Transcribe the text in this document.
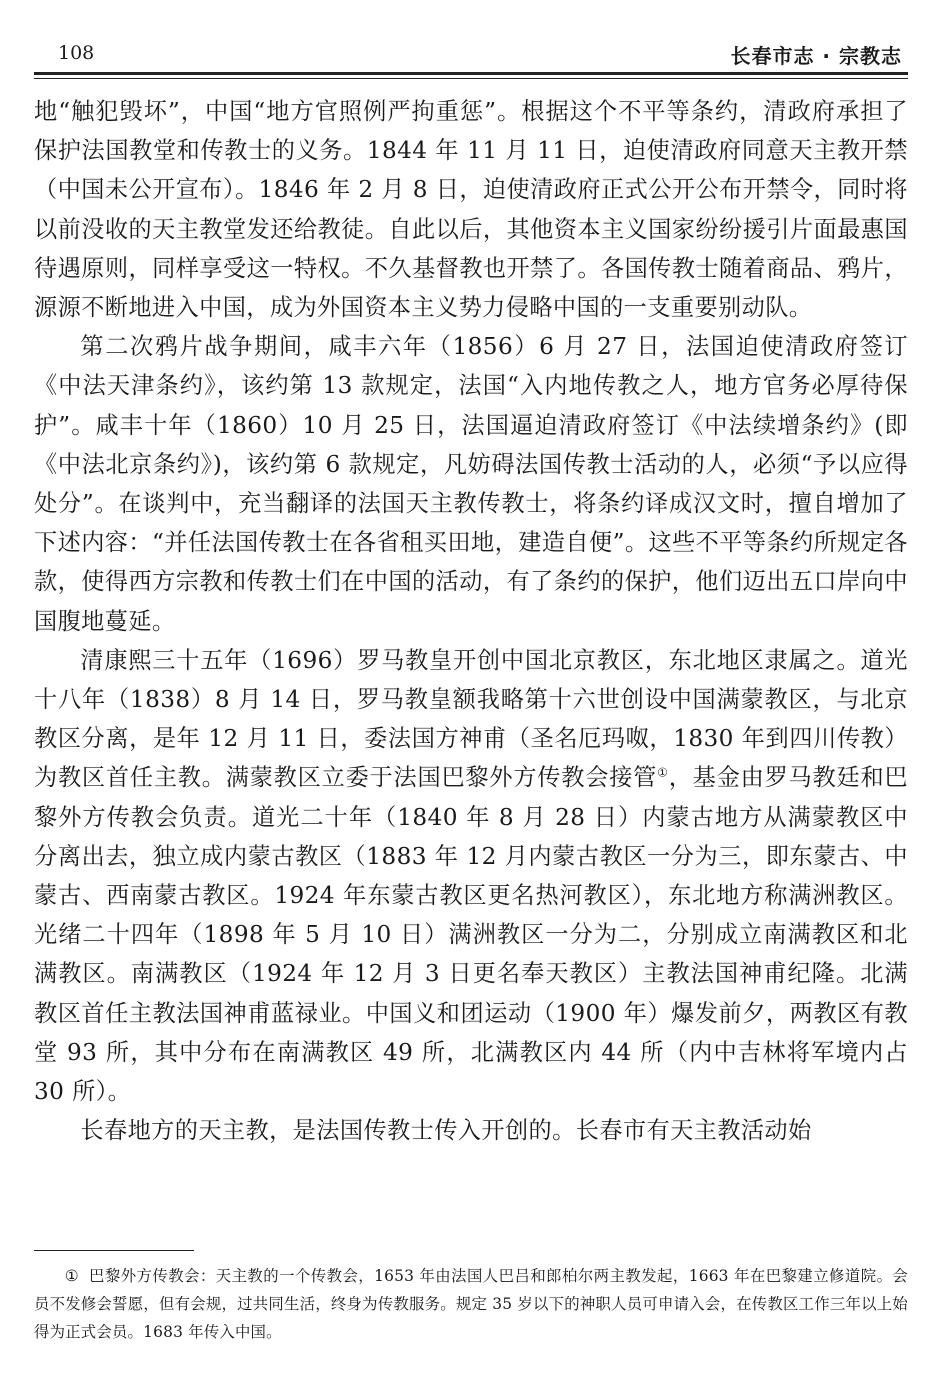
108	长春市志 · 宗教志

地“触犯毁坏”，中国“地方官照例严拘重惩”。根据这个不平等条约，清政府承担了保护法国教堂和传教士的义务。1844 年 11 月 11 日，迫使清政府同意天主教开禁（中国未公开宣布）。1846 年 2 月 8 日，迫使清政府正式公开公布开禁令，同时将以前没收的天主教堂发还给教徒。自此以后，其他资本主义国家纷纷援引片面最惠国待遇原则，同样享受这一特权。不久基督教也开禁了。各国传教士随着商品、鸦片，源源不断地进入中国，成为外国资本主义势力侵略中国的一支重要别动队。

第二次鸦片战争期间，咸丰六年（1856）6 月 27 日，法国迫使清政府签订《中法天津条约》，该约第 13 款规定，法国“入内地传教之人，地方官务必厚待保护”。咸丰十年（1860）10 月 25 日，法国逼迫清政府签订《中法续增条约》(即《中法北京条约》)，该约第 6 款规定，凡妨碍法国传教士活动的人，必须“予以应得处分”。在谈判中，充当翻译的法国天主教传教士，将条约译成汉文时，擅自增加了下述内容：“并任法国传教士在各省租买田地，建造自便”。这些不平等条约所规定各款，使得西方宗教和传教士们在中国的活动，有了条约的保护，他们迈出五口岸向中国腹地蔓延。

清康熙三十五年（1696）罗马教皇开创中国北京教区，东北地区隶属之。道光十八年（1838）8 月 14 日，罗马教皇额我略第十六世创设中国满蒙教区，与北京教区分离，是年 12 月 11 日，委法国方神甫（圣名厄玛呶，1830 年到四川传教）为教区首任主教。满蒙教区立委于法国巴黎外方传教会接管①，基金由罗马教廷和巴黎外方传教会负责。道光二十年（1840 年 8 月 28 日）内蒙古地方从满蒙教区中分离出去，独立成内蒙古教区（1883 年 12 月内蒙古教区一分为三，即东蒙古、中蒙古、西南蒙古教区。1924 年东蒙古教区更名热河教区），东北地方称满洲教区。光绪二十四年（1898 年 5 月 10 日）满洲教区一分为二，分别成立南满教区和北满教区。南满教区（1924 年 12 月 3 日更名奉天教区）主教法国神甫纪隆。北满教区首任主教法国神甫蓝禄业。中国义和团运动（1900 年）爆发前夕，两教区有教堂 93 所，其中分布在南满教区 49 所，北满教区内 44 所（内中吉林将军境内占 30 所）。

长春地方的天主教，是法国传教士传入开创的。长春市有天主教活动始

① 巴黎外方传教会：天主教的一个传教会，1653 年由法国人巴吕和郎柏尔两主教发起，1663 年在巴黎建立修道院。会员不发修会誓愿，但有会规，过共同生活，终身为传教服务。规定 35 岁以下的神职人员可申请入会，在传教区工作三年以上始得为正式会员。1683 年传入中国。
